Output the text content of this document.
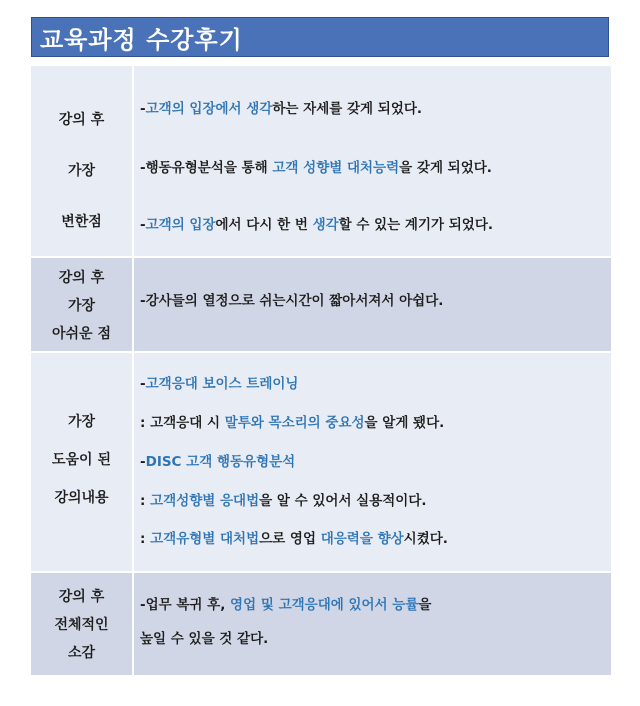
교육과정 수강후기
강의 후
가장
변한점
-고객의 입장에서 생각하는 자세를 갖게 되었다.
-행동유형분석을 통해 고객 성향별 대처능력을 갖게 되었다.
-고객의 입장에서 다시 한 번 생각할 수 있는 계기가 되었다.
강의 후
가장
아쉬운 점
-강사들의 열정으로 쉬는시간이 짧아서져서 아쉽다.
가장
도움이 된
강의내용
-고객응대 보이스 트레이닝
: 고객응대 시 말투와 목소리의 중요성을 알게 됐다.
-DISC 고객 행동유형분석
: 고객성향별 응대법을 알 수 있어서 실용적이다.
: 고객유형별 대처법으로 영업 대응력을 향상시켰다.
강의 후
전체적인
소감
-업무 복귀 후, 영업 및 고객응대에 있어서 능률을
높일 수 있을 것 같다.
